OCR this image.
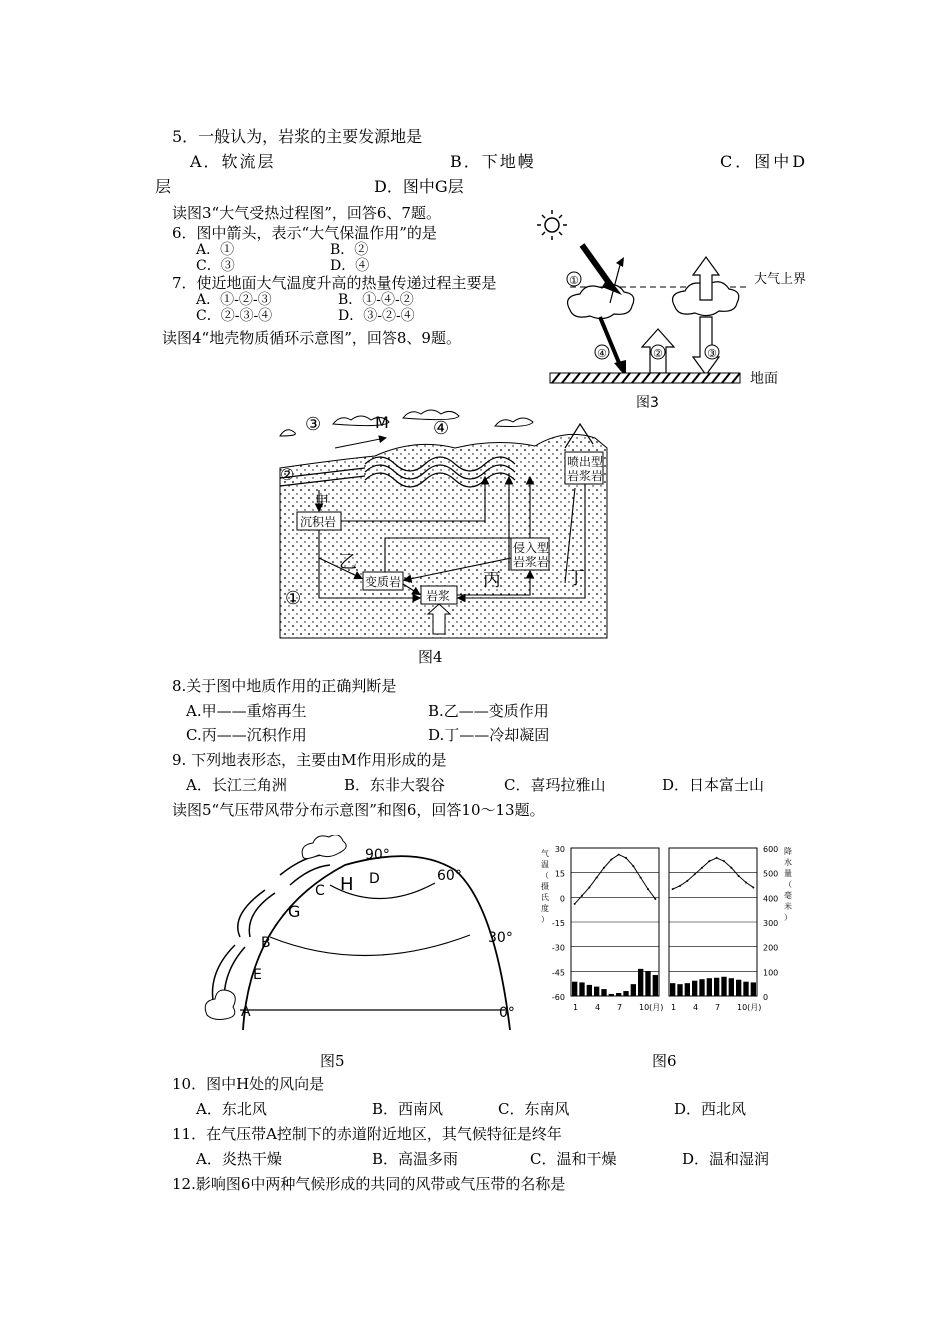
5．一般认为，岩浆的主要发源地是
A．软流层	B．下地幔	C．图中D
层	D．图中G层
读图3“大气受热过程图”，回答6、7题。
6．图中箭头，表示“大气保温作用”的是
A．①	B．②
C．③	D．④
7．使近地面大气温度升高的热量传递过程主要是
A．①-②-③	B．①-④-②
C．②-③-④	D．③-②-④
读图4“地壳物质循环示意图”，回答8、9题。
大气上界
①
④	②	③
地面
图3
③	M ④
②
沉积岩
变质岩
岩浆
侵入型
岩浆岩
喷出型
岩浆岩
甲
乙
丙	丁
①
图4
8.关于图中地质作用的正确判断是
A.甲——重熔再生	B.乙——变质作用
C.丙——沉积作用	D.丁——冷却凝固
9. 下列地表形态，主要由M作用形成的是
A．长江三角洲	B．东非大裂谷	C．喜玛拉雅山	D．日本富士山
读图5“气压带风带分布示意图”和图6，回答10～13题。
90°
60°
30°
0°
A
B
C
D
E
G
H
图5
30
15
0
-15
-30
-45
-60
600
500
400
300
200
100
0
气
温
（
摄
氏
度
）
降
水
量
（
毫
米
）
1 4 7 10(月) 1 4 7 10(月)
图6
10．图中H处的风向是
A．东北风	B．西南风	C．东南风	D．西北风
11．在气压带A控制下的赤道附近地区，其气候特征是终年
A．炎热干燥	B．高温多雨	C．温和干燥	D．温和湿润
12.影响图6中两种气候形成的共同的风带或气压带的名称是
